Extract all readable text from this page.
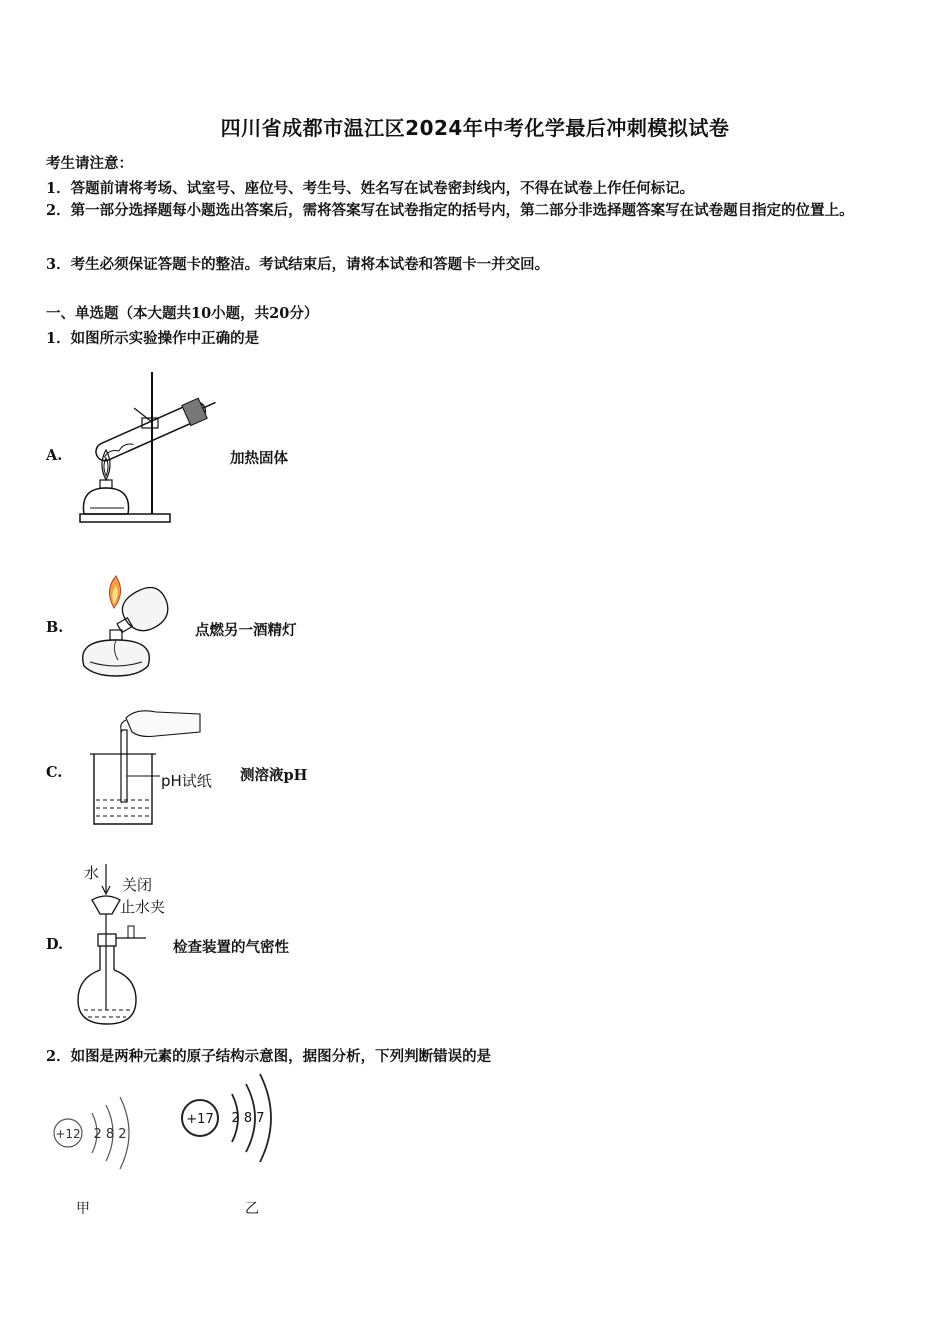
四川省成都市温江区2024年中考化学最后冲刺模拟试卷
考生请注意：
1．答题前请将考场、试室号、座位号、考生号、姓名写在试卷密封线内，不得在试卷上作任何标记。
2．第一部分选择题每小题选出答案后，需将答案写在试卷指定的括号内，第二部分非选择题答案写在试卷题目指定的位置上。
3．考生必须保证答题卡的整洁。考试结束后，请将本试卷和答题卡一并交回。
一、单选题（本大题共10小题，共20分）
1．如图所示实验操作中正确的是
A.	加热固体
B.	点燃另一酒精灯
C.	pH试纸 测溶液pH
D.
水
关闭
止水夹
检查装置的气密性
2．如图是两种元素的原子结构示意图，据图分析，下列判断错误的是
+12 2 8 2
甲
+17 2 8 7
乙
